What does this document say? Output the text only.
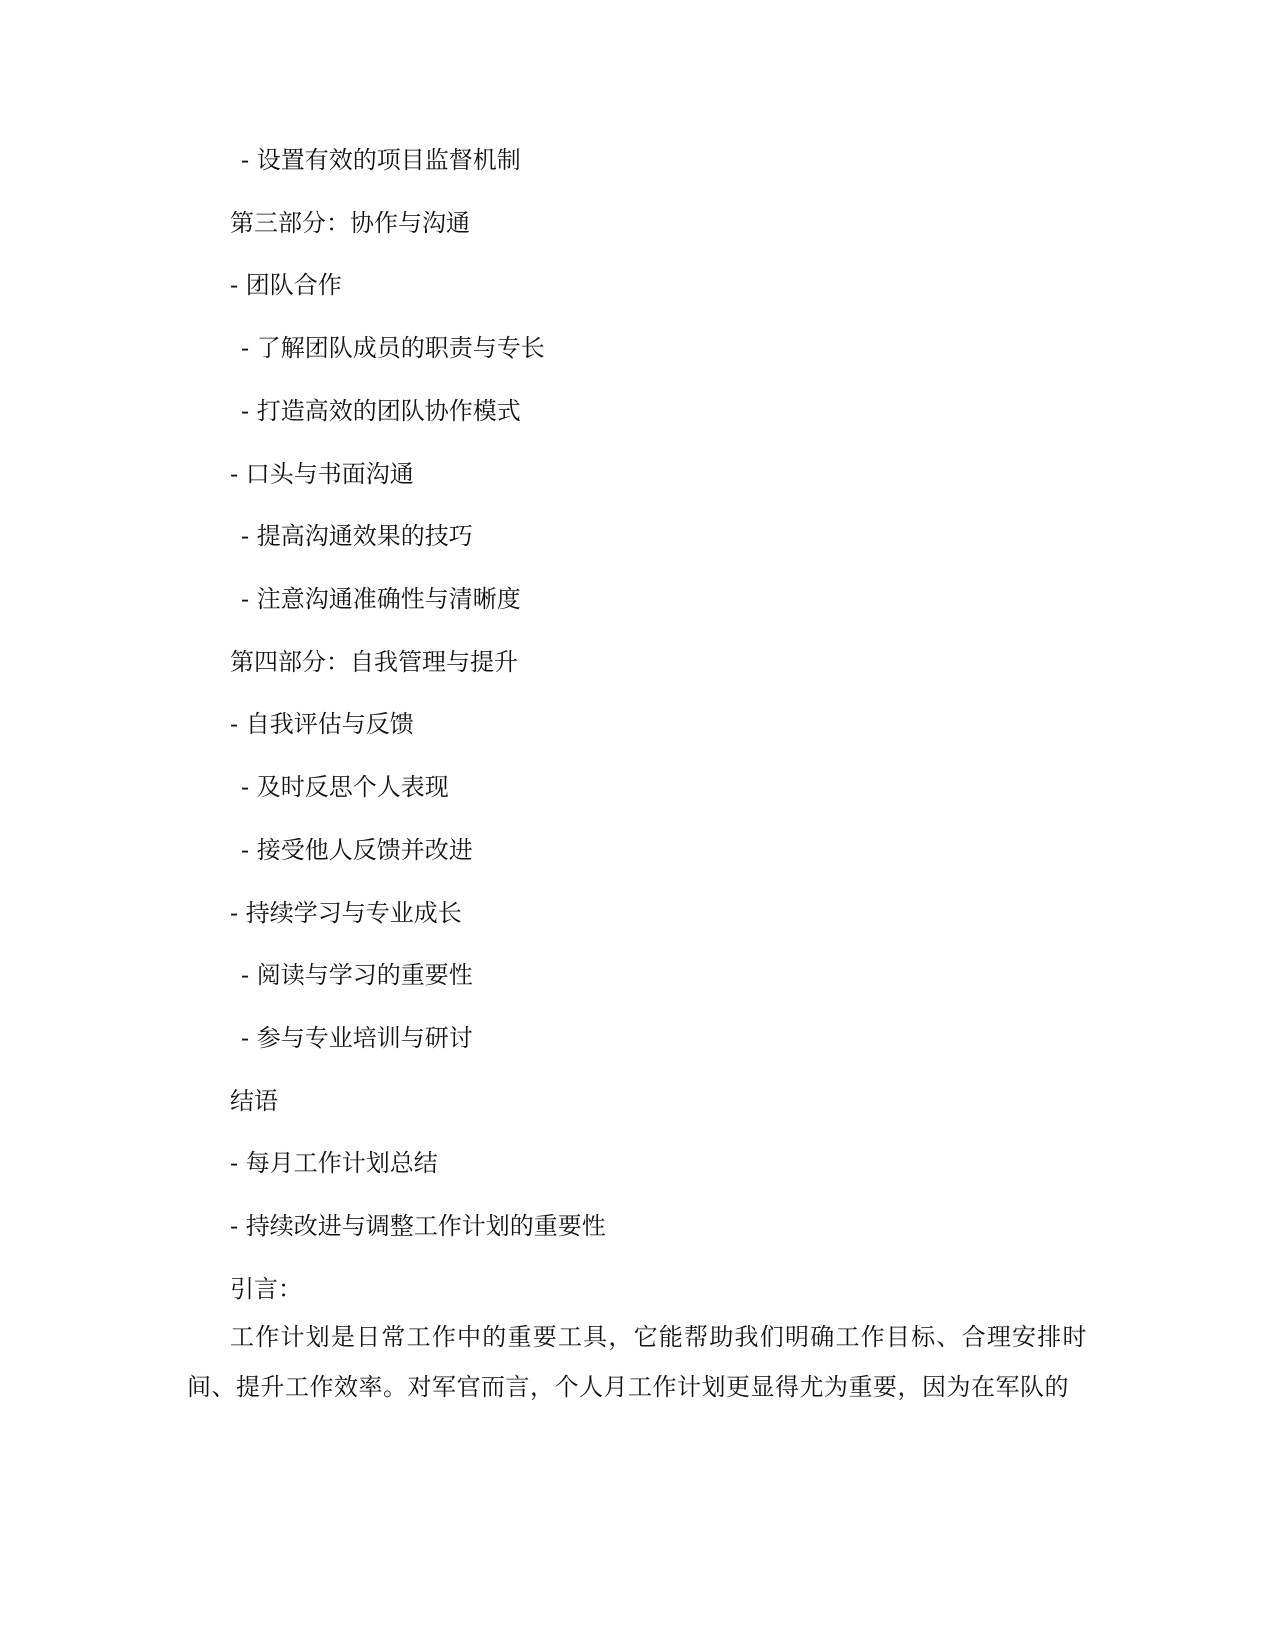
- 设置有效的项目监督机制
第三部分：协作与沟通
- 团队合作
- 了解团队成员的职责与专长
- 打造高效的团队协作模式
- 口头与书面沟通
- 提高沟通效果的技巧
- 注意沟通准确性与清晰度
第四部分：自我管理与提升
- 自我评估与反馈
- 及时反思个人表现
- 接受他人反馈并改进
- 持续学习与专业成长
- 阅读与学习的重要性
- 参与专业培训与研讨
结语
- 每月工作计划总结
- 持续改进与调整工作计划的重要性
引言：

工作计划是日常工作中的重要工具，它能帮助我们明确工作目标、合理安排时间、提升工作效率。对军官而言，个人月工作计划更显得尤为重要，因为在军队的
